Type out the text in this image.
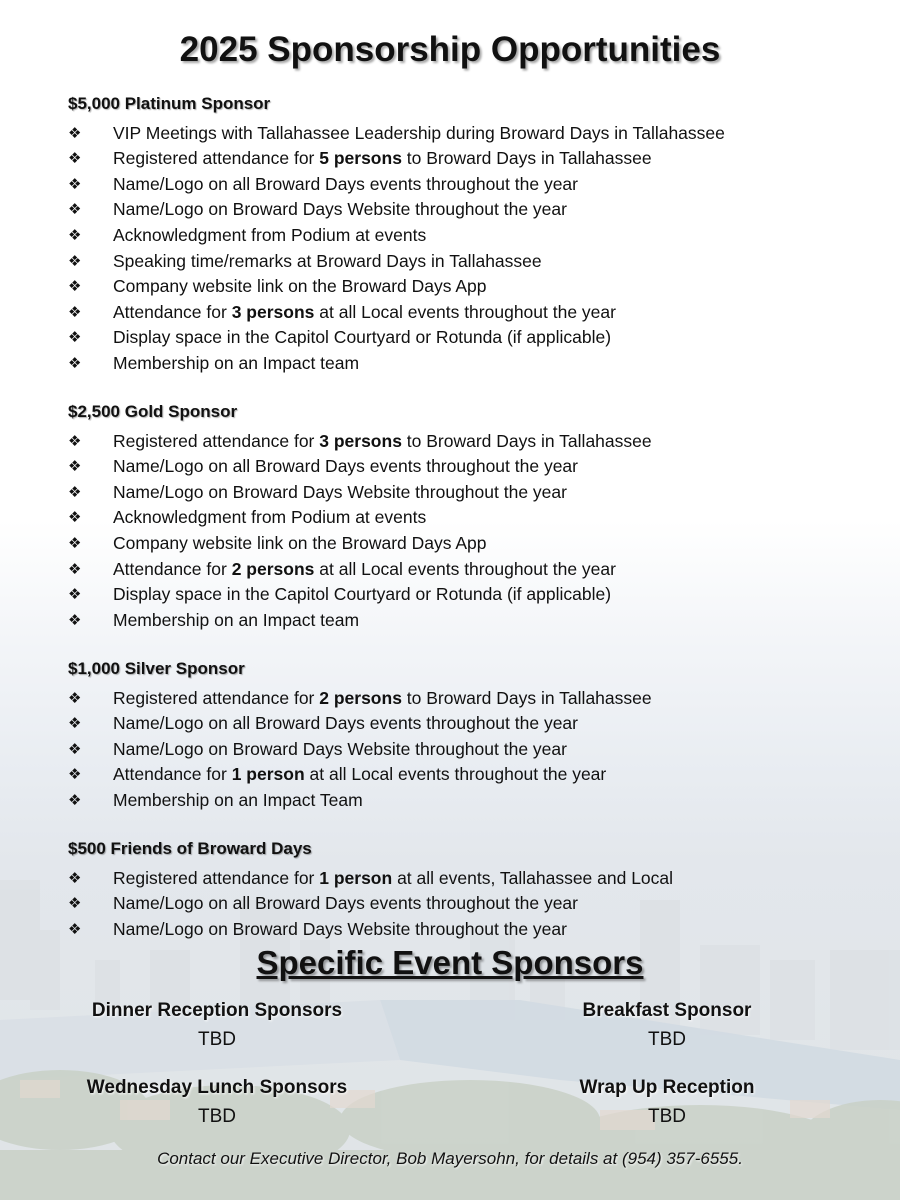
2025 Sponsorship Opportunities
$5,000 Platinum Sponsor
❖ VIP Meetings with Tallahassee Leadership during Broward Days in Tallahassee
❖ Registered attendance for 5 persons to Broward Days in Tallahassee
❖ Name/Logo on all Broward Days events throughout the year
❖ Name/Logo on Broward Days Website throughout the year
❖ Acknowledgment from Podium at events
❖ Speaking time/remarks at Broward Days in Tallahassee
❖ Company website link on the Broward Days App
❖ Attendance for 3 persons at all Local events throughout the year
❖ Display space in the Capitol Courtyard or Rotunda (if applicable)
❖ Membership on an Impact team
$2,500 Gold Sponsor
❖ Registered attendance for 3 persons to Broward Days in Tallahassee
❖ Name/Logo on all Broward Days events throughout the year
❖ Name/Logo on Broward Days Website throughout the year
❖ Acknowledgment from Podium at events
❖ Company website link on the Broward Days App
❖ Attendance for 2 persons at all Local events throughout the year
❖ Display space in the Capitol Courtyard or Rotunda (if applicable)
❖ Membership on an Impact team
$1,000 Silver Sponsor
❖ Registered attendance for 2 persons to Broward Days in Tallahassee
❖ Name/Logo on all Broward Days events throughout the year
❖ Name/Logo on Broward Days Website throughout the year
❖ Attendance for 1 person at all Local events throughout the year
❖ Membership on an Impact Team
$500 Friends of Broward Days
❖ Registered attendance for 1 person at all events, Tallahassee and Local
❖ Name/Logo on all Broward Days events throughout the year
❖ Name/Logo on Broward Days Website throughout the year
Specific Event Sponsors
Dinner Reception Sponsors
TBD
Breakfast Sponsor
TBD
Wednesday Lunch Sponsors
TBD
Wrap Up Reception
TBD
Contact our Executive Director, Bob Mayersohn, for details at (954) 357-6555.
